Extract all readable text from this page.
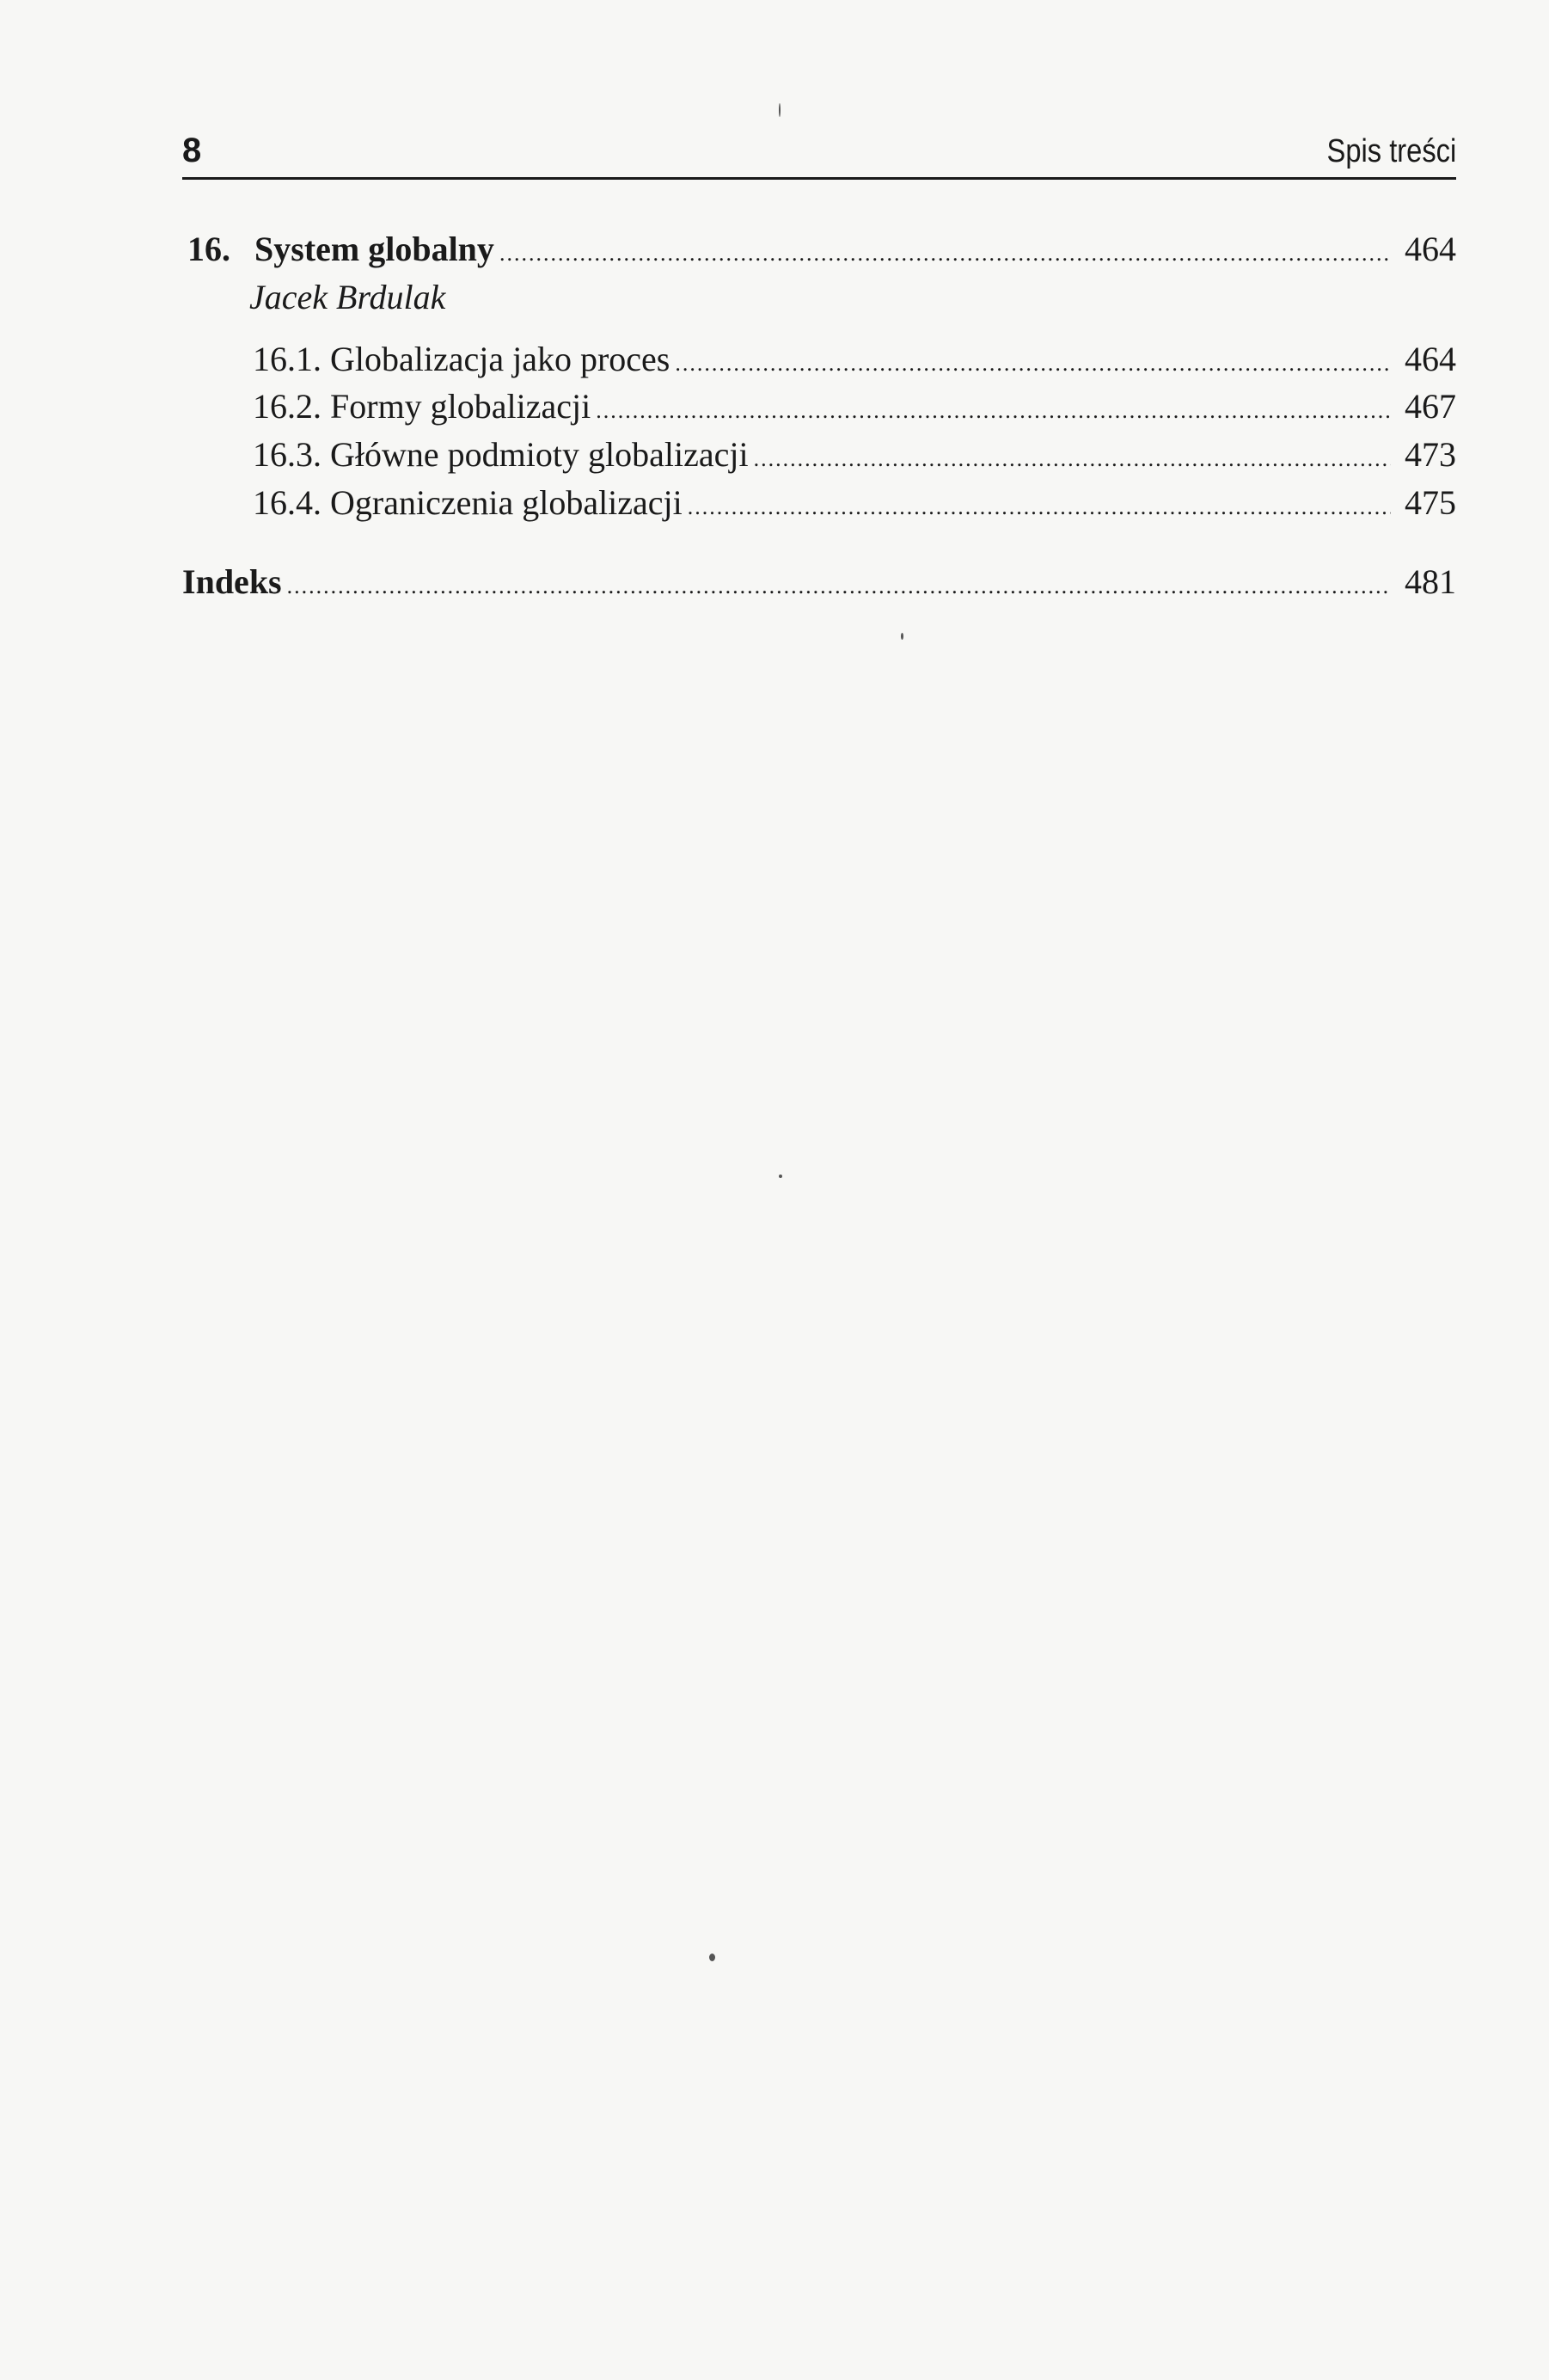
8	Spis treści
16. System globalny .....	464
Jacek Brdulak
16.1. Globalizacja jako proces .....	464
16.2. Formy globalizacji .....	467
16.3. Główne podmioty globalizacji .....	473
16.4. Ograniczenia globalizacji .....	475
Indeks .....	481
